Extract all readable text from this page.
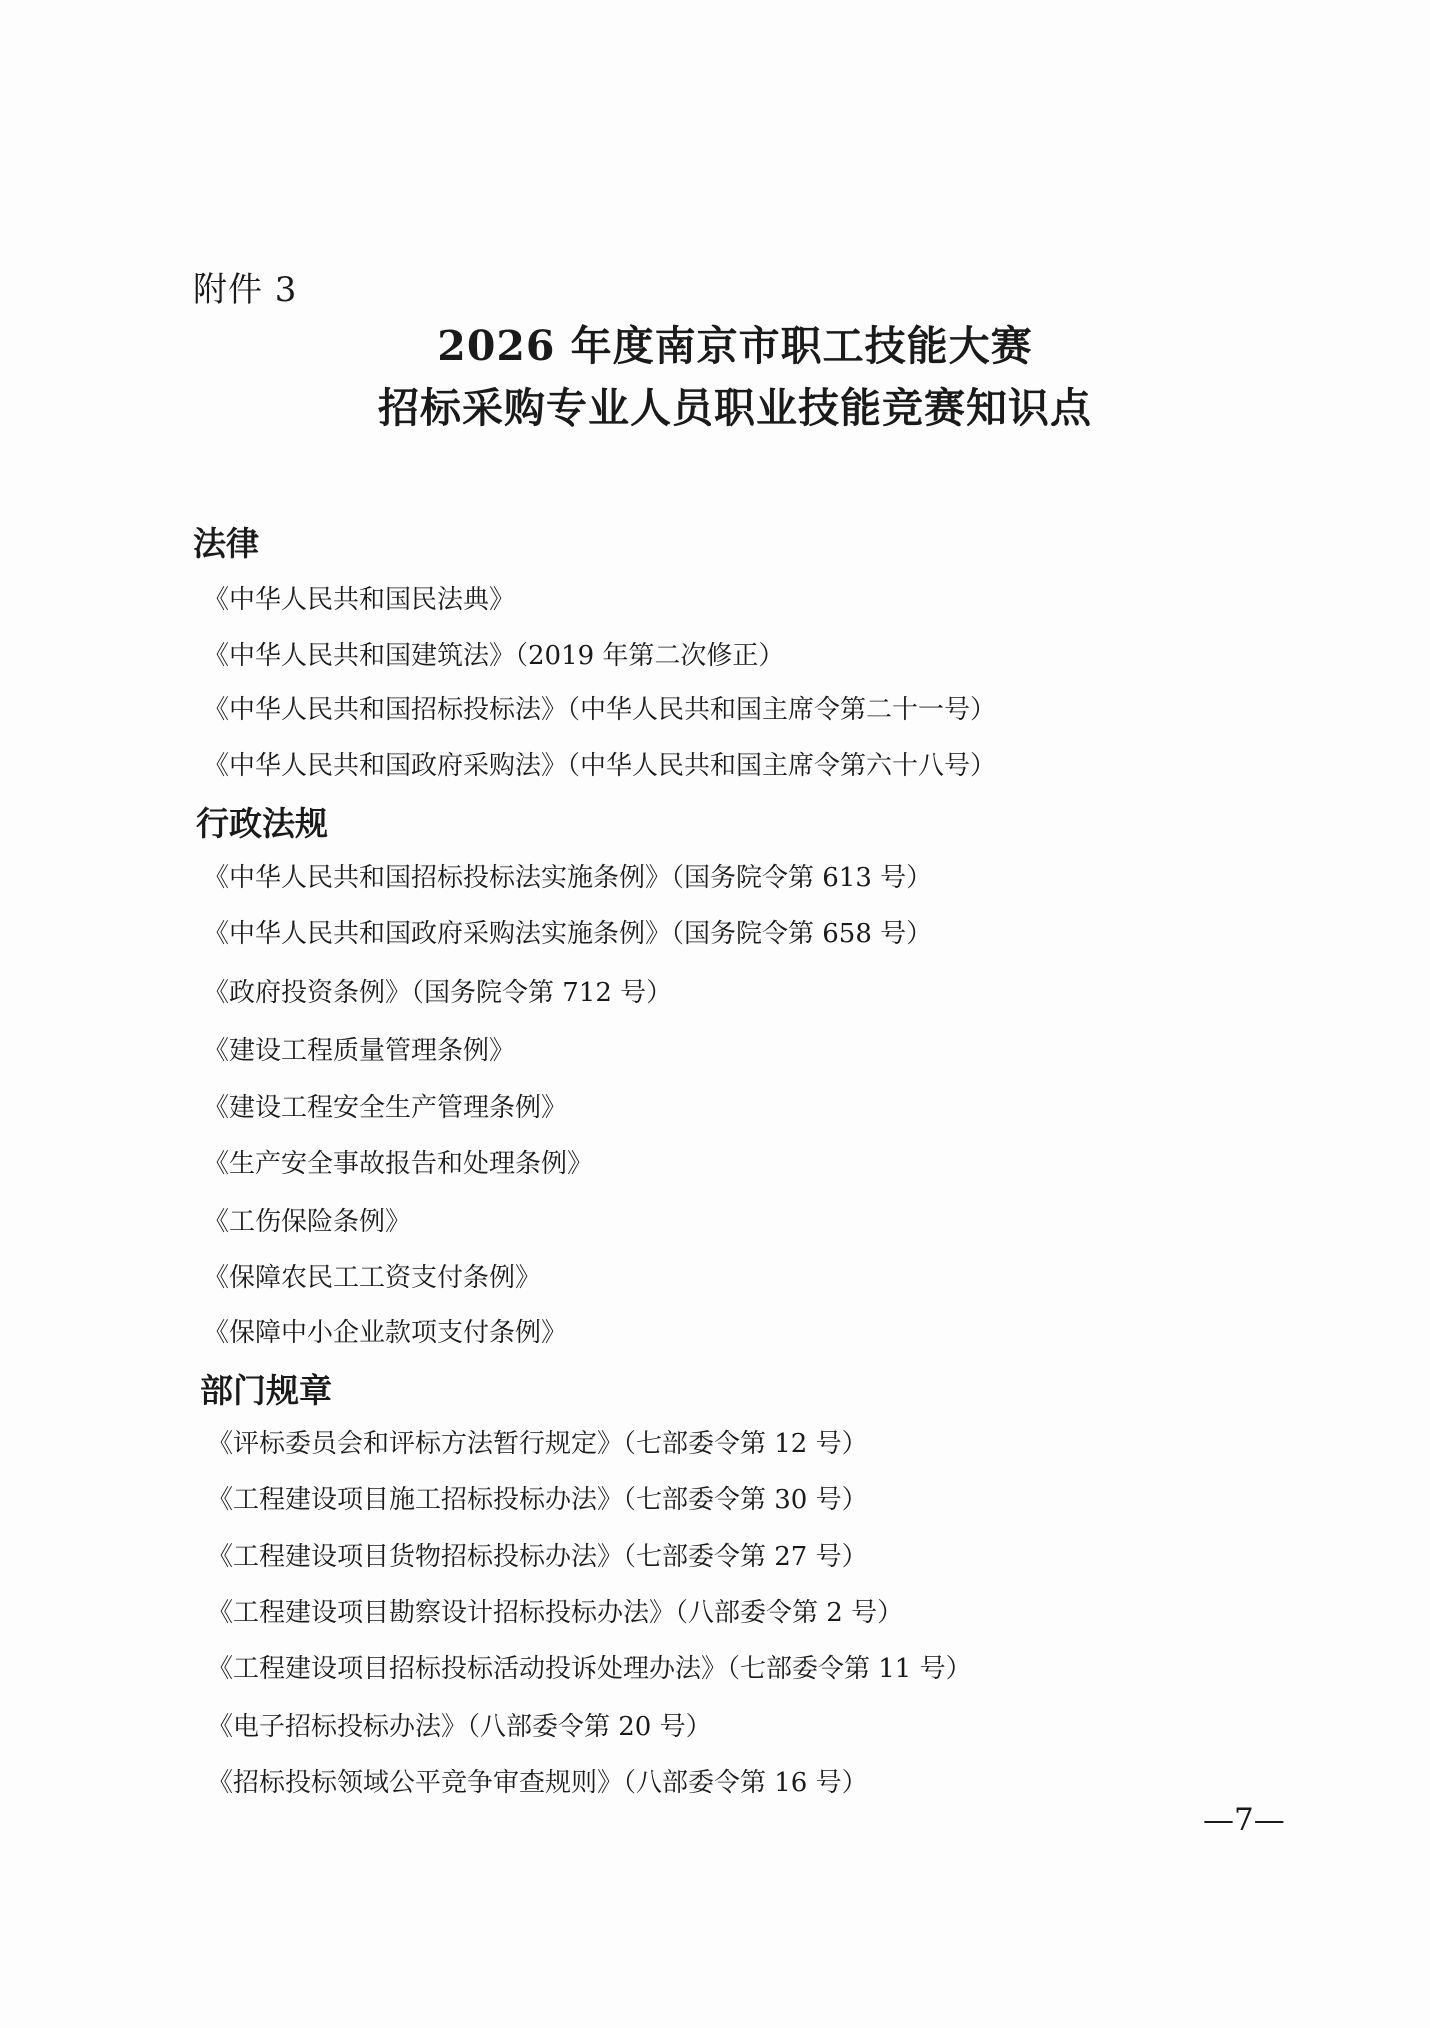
附件 3
2026 年度南京市职工技能大赛
招标采购专业人员职业技能竞赛知识点
法律
《中华人民共和国民法典》
《中华人民共和国建筑法》（2019 年第二次修正）
《中华人民共和国招标投标法》（中华人民共和国主席令第二十一号）
《中华人民共和国政府采购法》（中华人民共和国主席令第六十八号）
行政法规
《中华人民共和国招标投标法实施条例》（国务院令第 613 号）
《中华人民共和国政府采购法实施条例》（国务院令第 658 号）
《政府投资条例》（国务院令第 712 号）
《建设工程质量管理条例》
《建设工程安全生产管理条例》
《生产安全事故报告和处理条例》
《工伤保险条例》
《保障农民工工资支付条例》
《保障中小企业款项支付条例》
部门规章
《评标委员会和评标方法暂行规定》（七部委令第 12 号）
《工程建设项目施工招标投标办法》（七部委令第 30 号）
《工程建设项目货物招标投标办法》（七部委令第 27 号）
《工程建设项目勘察设计招标投标办法》（八部委令第 2 号）
《工程建设项目招标投标活动投诉处理办法》（七部委令第 11 号）
《电子招标投标办法》（八部委令第 20 号）
《招标投标领域公平竞争审查规则》（八部委令第 16 号）
—7—
